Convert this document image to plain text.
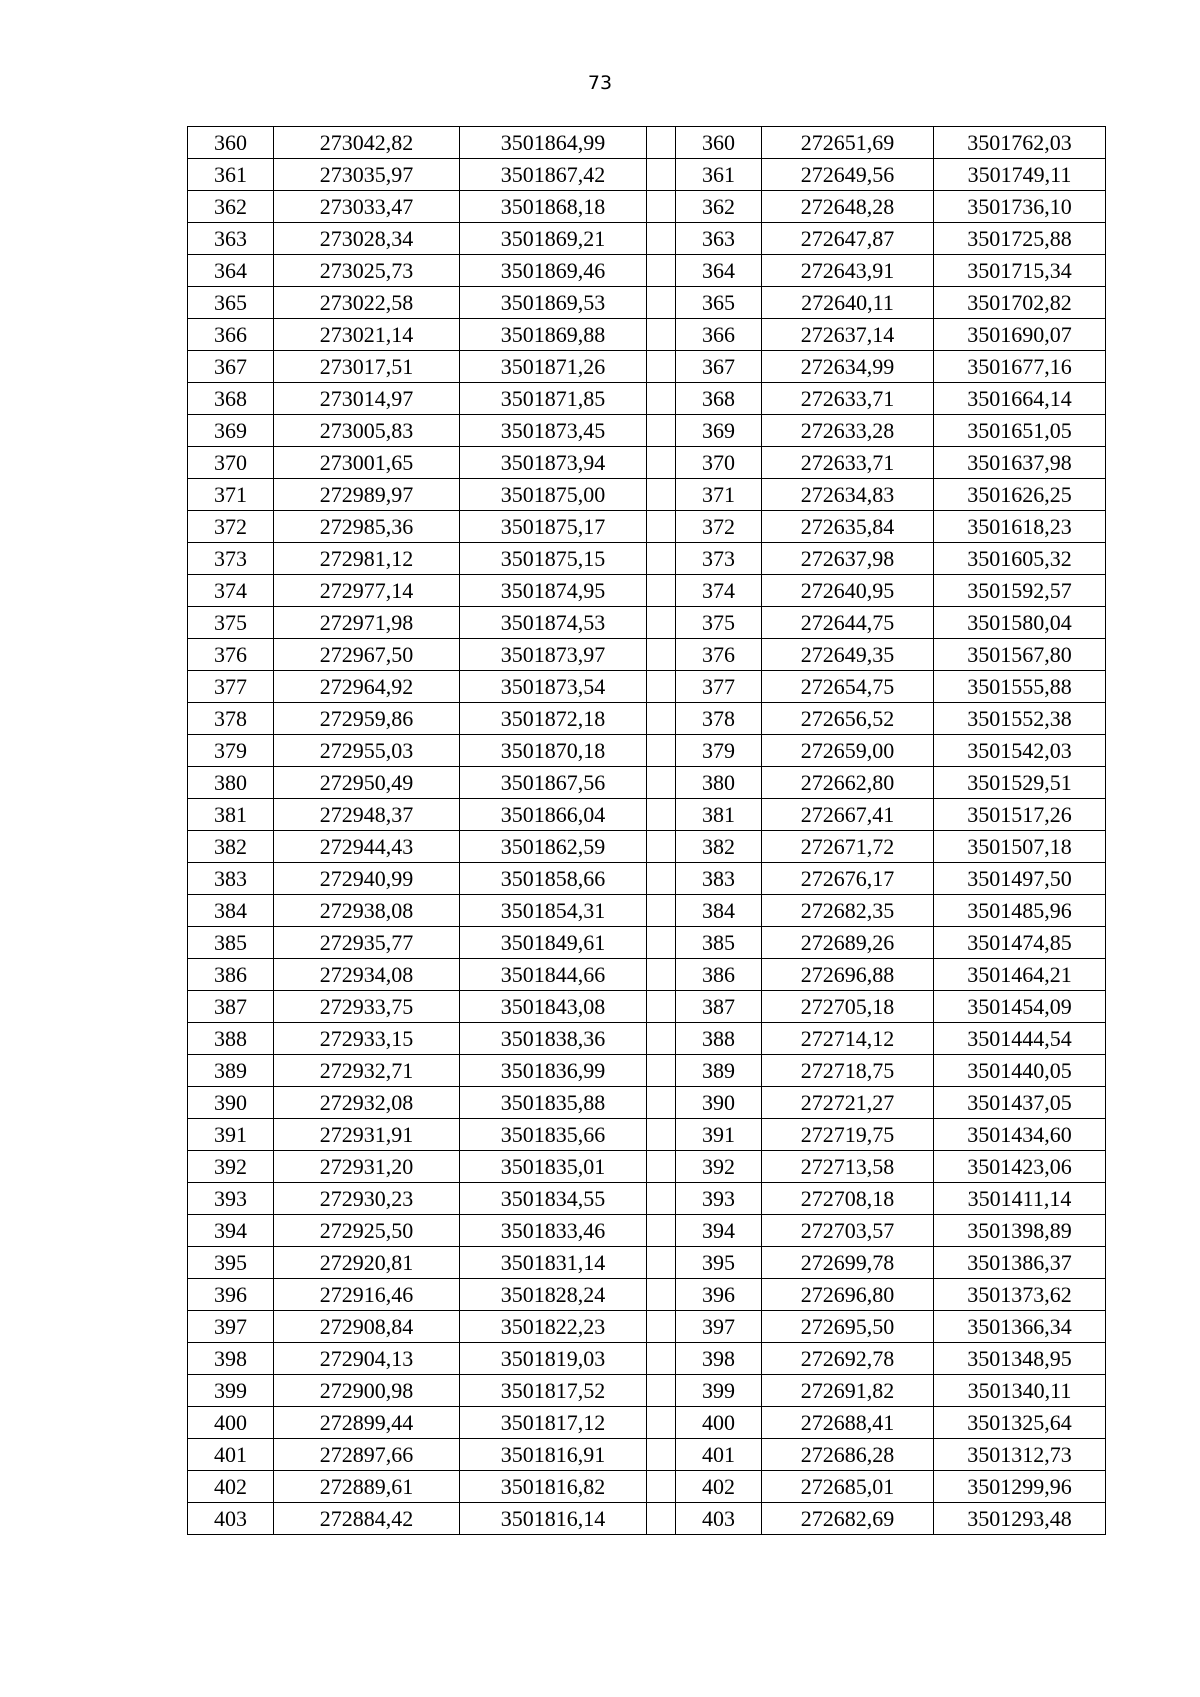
73
360	273042,82	3501864,99		360	272651,69	3501762,03
361	273035,97	3501867,42		361	272649,56	3501749,11
362	273033,47	3501868,18		362	272648,28	3501736,10
363	273028,34	3501869,21		363	272647,87	3501725,88
364	273025,73	3501869,46		364	272643,91	3501715,34
365	273022,58	3501869,53		365	272640,11	3501702,82
366	273021,14	3501869,88		366	272637,14	3501690,07
367	273017,51	3501871,26		367	272634,99	3501677,16
368	273014,97	3501871,85		368	272633,71	3501664,14
369	273005,83	3501873,45		369	272633,28	3501651,05
370	273001,65	3501873,94		370	272633,71	3501637,98
371	272989,97	3501875,00		371	272634,83	3501626,25
372	272985,36	3501875,17		372	272635,84	3501618,23
373	272981,12	3501875,15		373	272637,98	3501605,32
374	272977,14	3501874,95		374	272640,95	3501592,57
375	272971,98	3501874,53		375	272644,75	3501580,04
376	272967,50	3501873,97		376	272649,35	3501567,80
377	272964,92	3501873,54		377	272654,75	3501555,88
378	272959,86	3501872,18		378	272656,52	3501552,38
379	272955,03	3501870,18		379	272659,00	3501542,03
380	272950,49	3501867,56		380	272662,80	3501529,51
381	272948,37	3501866,04		381	272667,41	3501517,26
382	272944,43	3501862,59		382	272671,72	3501507,18
383	272940,99	3501858,66		383	272676,17	3501497,50
384	272938,08	3501854,31		384	272682,35	3501485,96
385	272935,77	3501849,61		385	272689,26	3501474,85
386	272934,08	3501844,66		386	272696,88	3501464,21
387	272933,75	3501843,08		387	272705,18	3501454,09
388	272933,15	3501838,36		388	272714,12	3501444,54
389	272932,71	3501836,99		389	272718,75	3501440,05
390	272932,08	3501835,88		390	272721,27	3501437,05
391	272931,91	3501835,66		391	272719,75	3501434,60
392	272931,20	3501835,01		392	272713,58	3501423,06
393	272930,23	3501834,55		393	272708,18	3501411,14
394	272925,50	3501833,46		394	272703,57	3501398,89
395	272920,81	3501831,14		395	272699,78	3501386,37
396	272916,46	3501828,24		396	272696,80	3501373,62
397	272908,84	3501822,23		397	272695,50	3501366,34
398	272904,13	3501819,03		398	272692,78	3501348,95
399	272900,98	3501817,52		399	272691,82	3501340,11
400	272899,44	3501817,12		400	272688,41	3501325,64
401	272897,66	3501816,91		401	272686,28	3501312,73
402	272889,61	3501816,82		402	272685,01	3501299,96
403	272884,42	3501816,14		403	272682,69	3501293,48
